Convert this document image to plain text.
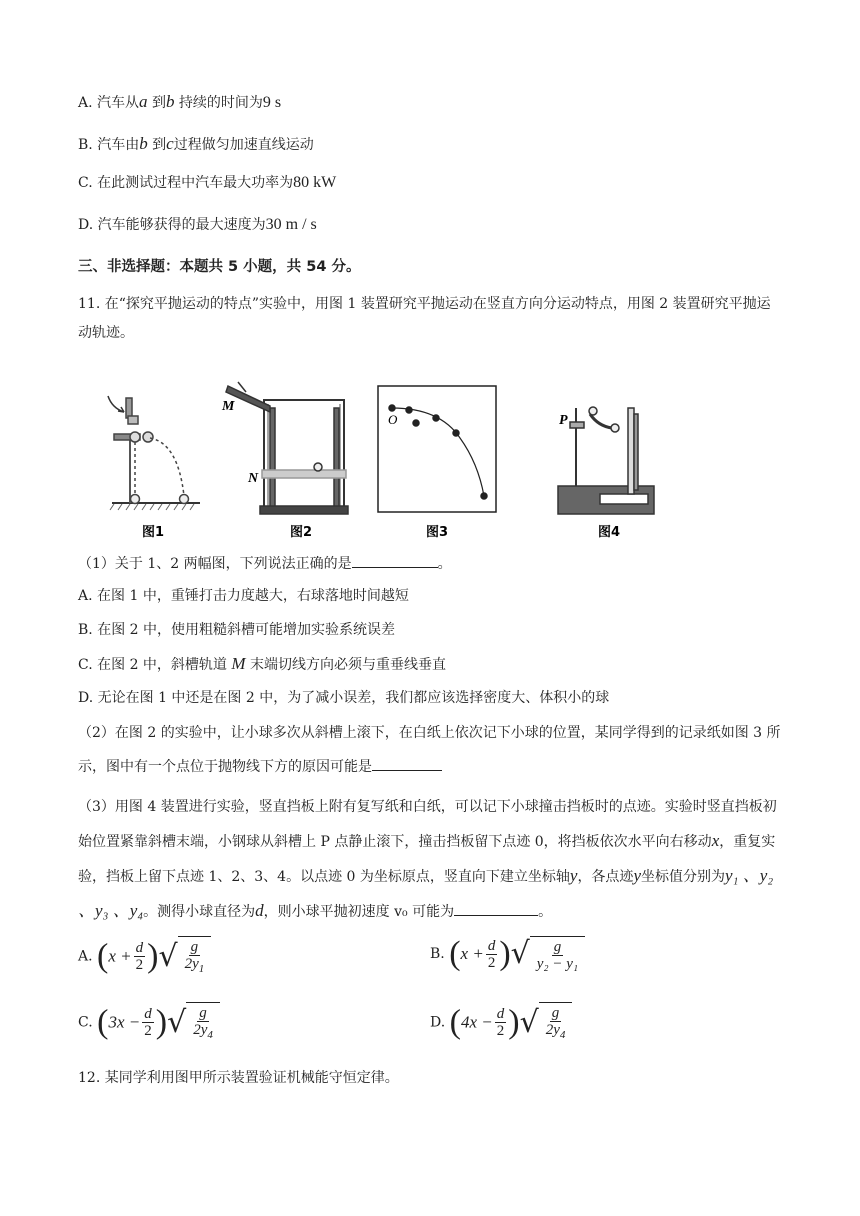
A. 汽车从a 到b 持续的时间为9 s
B. 汽车由b 到c过程做匀加速直线运动
C. 在此测试过程中汽车最大功率为80 kW
D. 汽车能够获得的最大速度为30 m / s
三、非选择题：本题共 5 小题，共 54 分。
11. 在“探究平抛运动的特点”实验中，用图 1 装置研究平抛运动在竖直方向分运动特点，用图 2 装置研究平抛运动轨迹。
图1
M
N
图2
O
图3
P
图4
（1）关于 1、2 两幅图，下列说法正确的是	。
A. 在图 1 中，重锤打击力度越大，右球落地时间越短
B. 在图 2 中，使用粗糙斜槽可能增加实验系统误差
C. 在图 2 中，斜槽轨道 M 末端切线方向必须与重垂线垂直
D. 无论在图 1 中还是在图 2 中，为了减小误差，我们都应该选择密度大、体积小的球
（2）在图 2 的实验中，让小球多次从斜槽上滚下，在白纸上依次记下小球的位置，某同学得到的记录纸如图 3 所示，图中有一个点位于抛物线下方的原因可能是
（3）用图 4 装置进行实验，竖直挡板上附有复写纸和白纸，可以记下小球撞击挡板时的点迹。实验时竖直挡板初始位置紧靠斜槽末端，小钢球从斜槽上 P 点静止滚下，撞击挡板留下点迹 0，将挡板依次水平向右移动x，重复实验，挡板上留下点迹 1、2、3、4。以点迹 0 为坐标原点，竖直向下建立坐标轴y，各点迹y坐标值分别为y₁ 、y₂ 、y₃ 、y₄。测得小球直径为d，则小球平抛初速度 v₀ 可能为	。
A. ($x + \frac{d}{2}$ ) √ $\frac{g}{2y_1}$	B. ($x + \frac{d}{2}$ ) √ $\frac{g}{\text{y₂ − y₁}}$
C. ($3x - \frac{d}{2}$ ) √ $\frac{g}{2y_4}$	D. ($4x - \frac{d}{2}$ ) √ $\frac{g}{2y_4}$
12. 某同学利用图甲所示装置验证机械能守恒定律。
